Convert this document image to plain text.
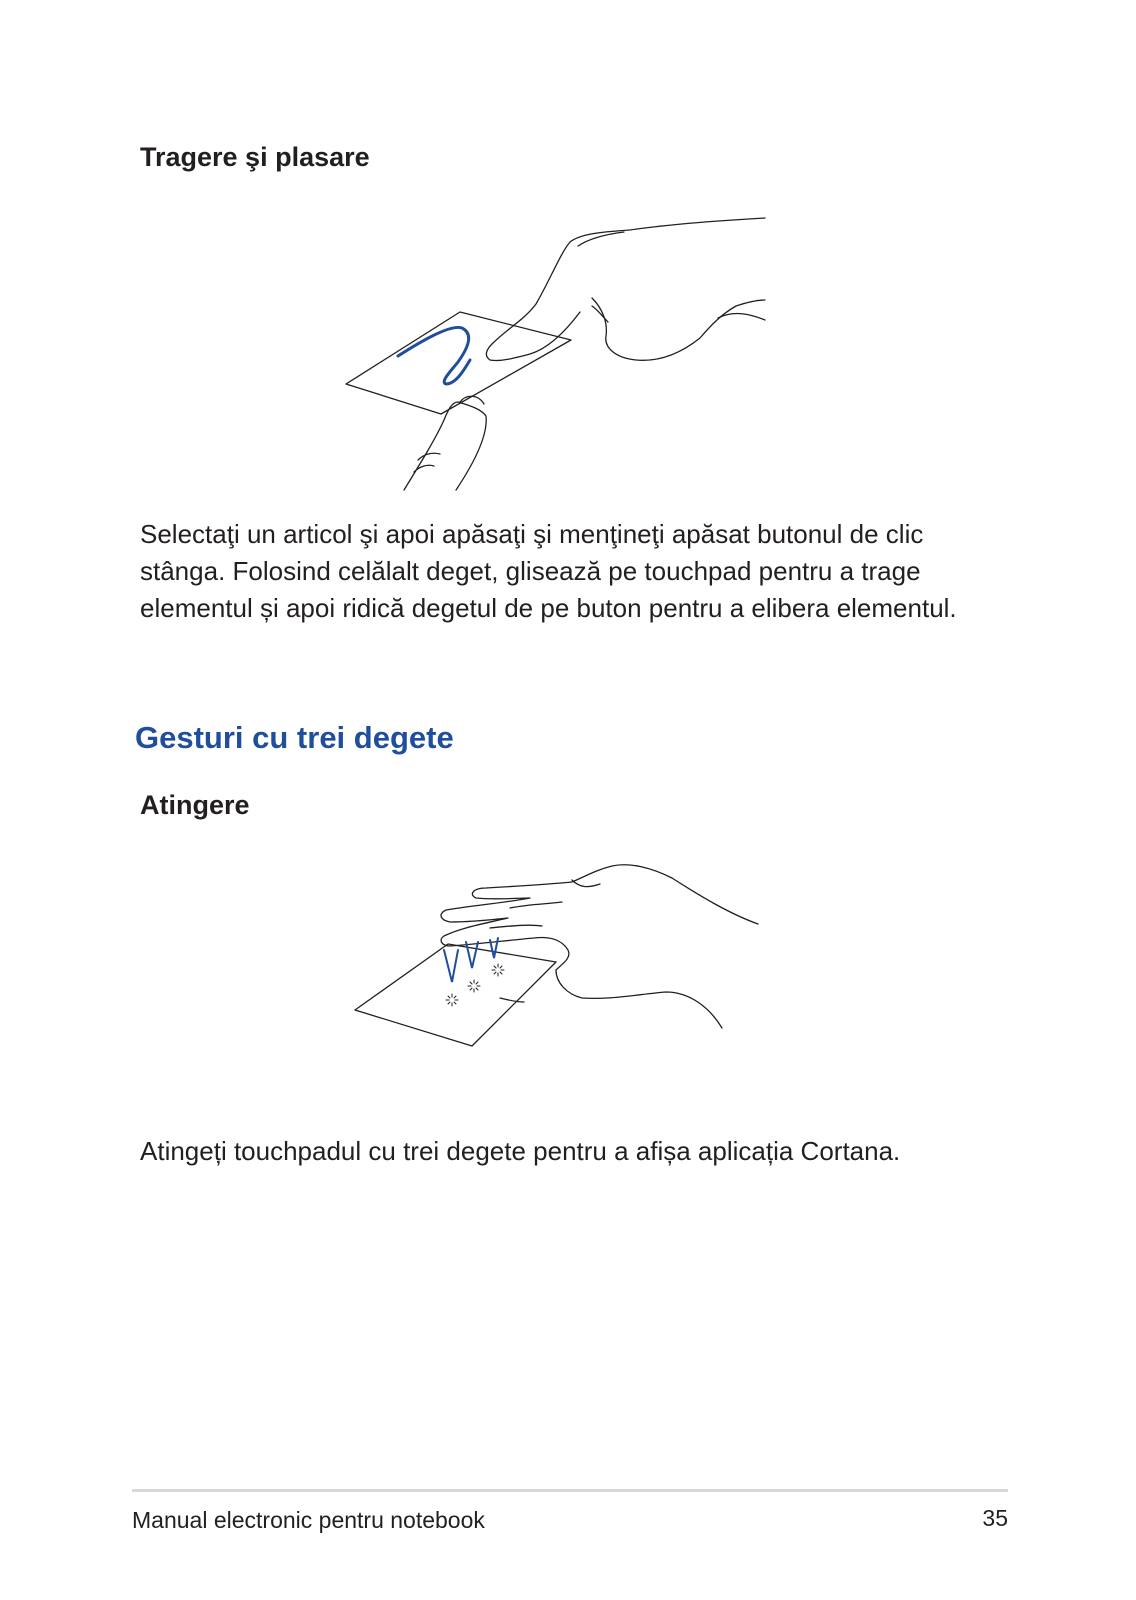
Tragere şi plasare
Selectaţi un articol şi apoi apăsaţi şi menţineţi apăsat butonul de clic stânga. Folosind celălalt deget, glisează pe touchpad pentru a trage elementul și apoi ridică degetul de pe buton pentru a elibera elementul.
Gesturi cu trei degete
Atingere
Atingeți touchpadul cu trei degete pentru a afișa aplicația Cortana.
Manual electronic pentru notebook	35
